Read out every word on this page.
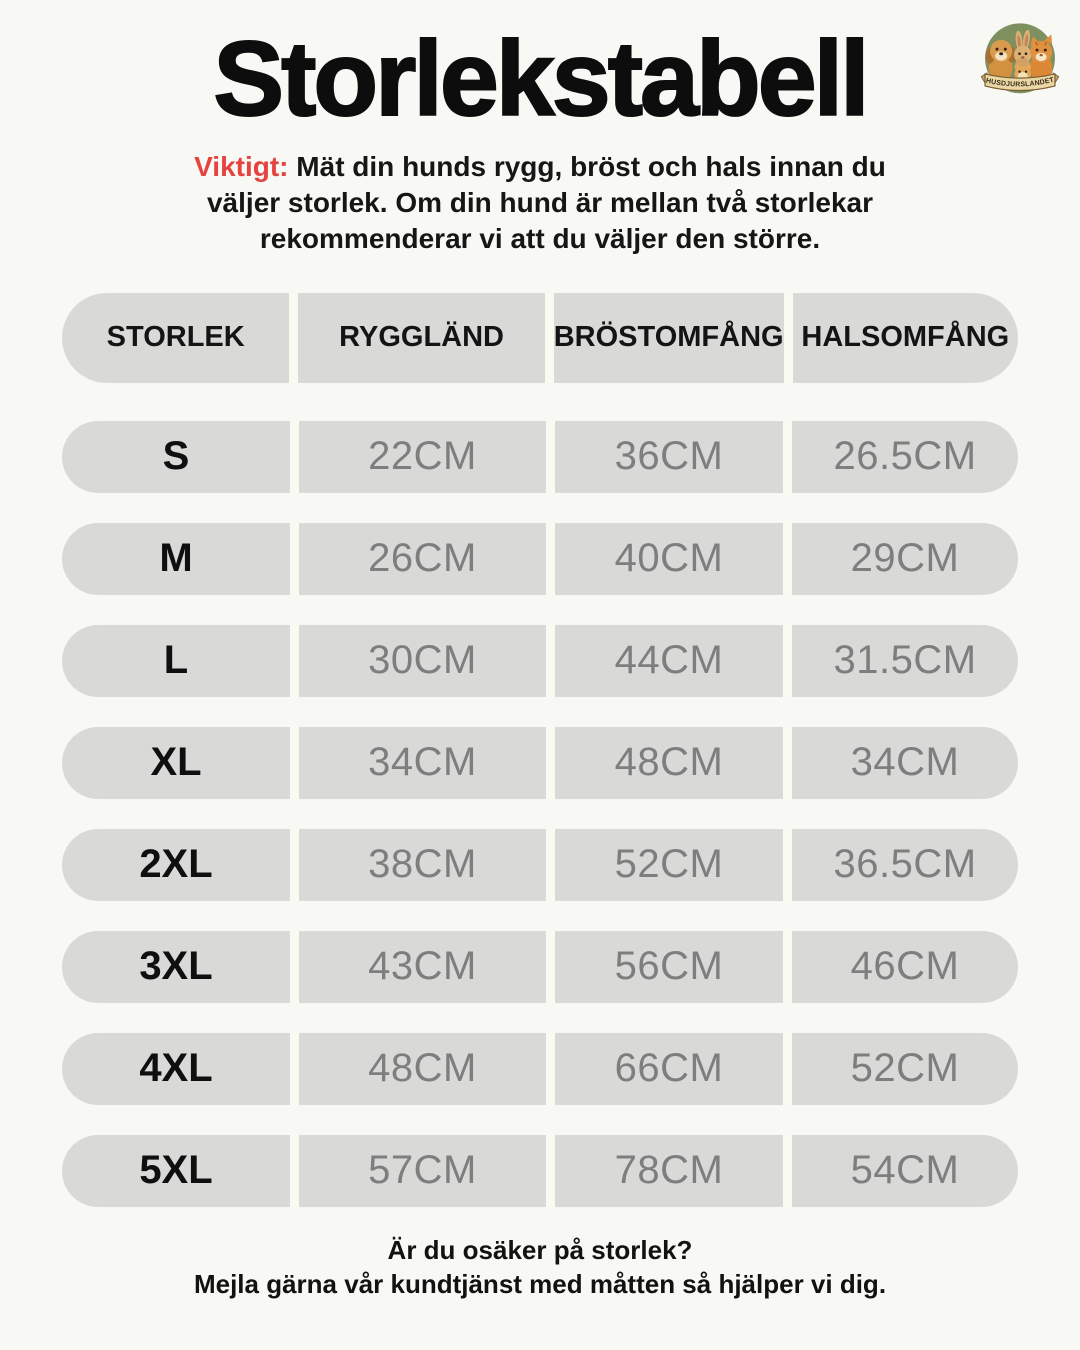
Storlekstabell	HUSDJURSLANDET
Viktigt: Mät din hunds rygg, bröst och hals innan du
väljer storlek. Om din hund är mellan två storlekar
rekommenderar vi att du väljer den större.
STORLEK	RYGGLÄND BRÖSTOMFÅNG HALSOMFÅNG
S	22CM	36CM	26.5CM
M	26CM	40CM	29CM
L	30CM	44CM	31.5CM
XL	34CM	48CM	34CM
2XL	38CM	52CM	36.5CM
3XL	43CM	56CM	46CM
4XL	48CM	66CM	52CM
5XL	57CM	78CM	54CM
Är du osäker på storlek?
Mejla gärna vår kundtjänst med måtten så hjälper vi dig.
